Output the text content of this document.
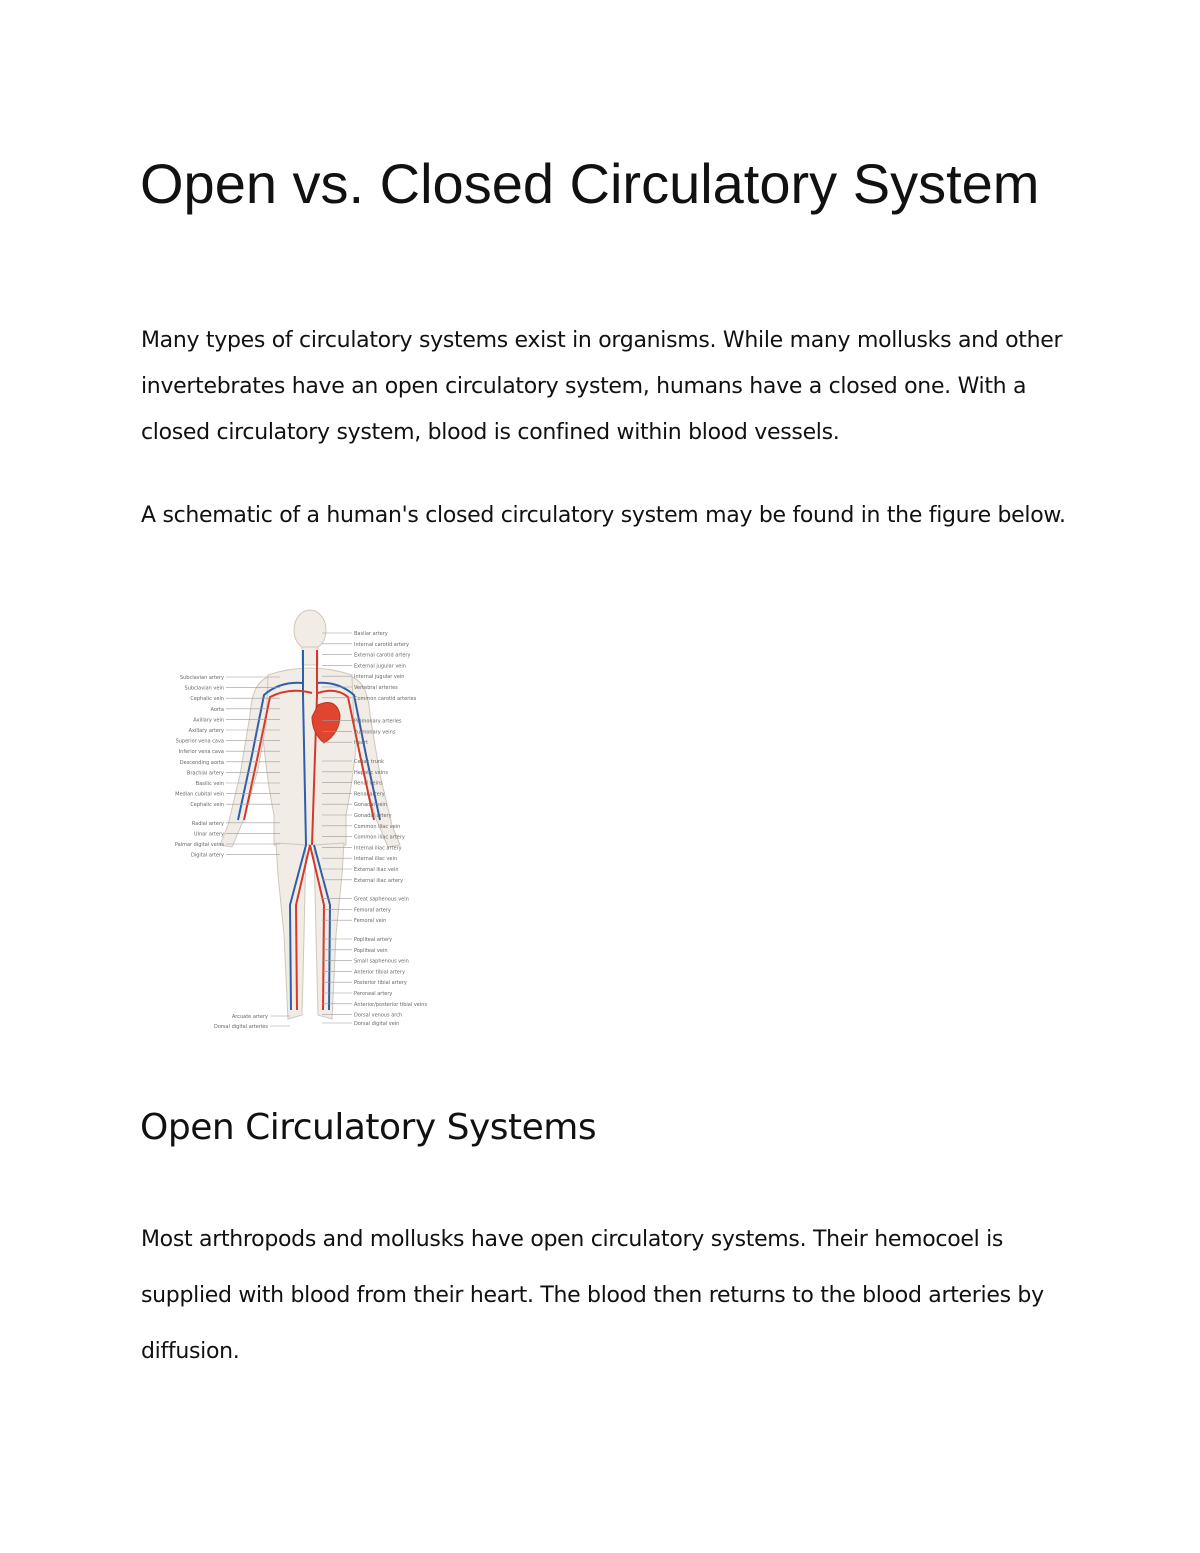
Open vs. Closed Circulatory System

Many types of circulatory systems exist in organisms. While many mollusks and other invertebrates have an open circulatory system, humans have a closed one. With a closed circulatory system, blood is confined within blood vessels.

A schematic of a human's closed circulatory system may be found in the figure below.

Subclavian artery
Subclavian vein
Cephalic vein
Aorta
Axillary vein
Axillary artery
Superior vena cava
Inferior vena cava
Descending aorta
Brachial artery
Basilic vein
Median cubital vein
Cephalic vein
Radial artery
Ulnar artery
Palmar digital veins
Digital artery
Arcuate artery
Dorsal digital arteries
Basilar artery
Internal carotid artery
External carotid artery
External jugular vein
Internal jugular vein
Vertebral arteries
Common carotid arteries
Pulmonary arteries
Pulmonary veins
Heart
Celiac trunk
Hepatic veins
Renal veins
Renal artery
Gonadal vein
Gonadal artery
Common iliac vein
Common iliac artery
Internal iliac artery
Internal iliac vein
External iliac vein
External iliac artery
Great saphenous vein
Femoral artery
Femoral vein
Popliteal artery
Popliteal vein
Small saphenous vein
Anterior tibial artery
Posterior tibial artery
Peroneal artery
Anterior/posterior tibial veins
Dorsal venous arch
Dorsal digital vein
Open Circulatory Systems

Most arthropods and mollusks have open circulatory systems. Their hemocoel is supplied with blood from their heart. The blood then returns to the blood arteries by diffusion.
